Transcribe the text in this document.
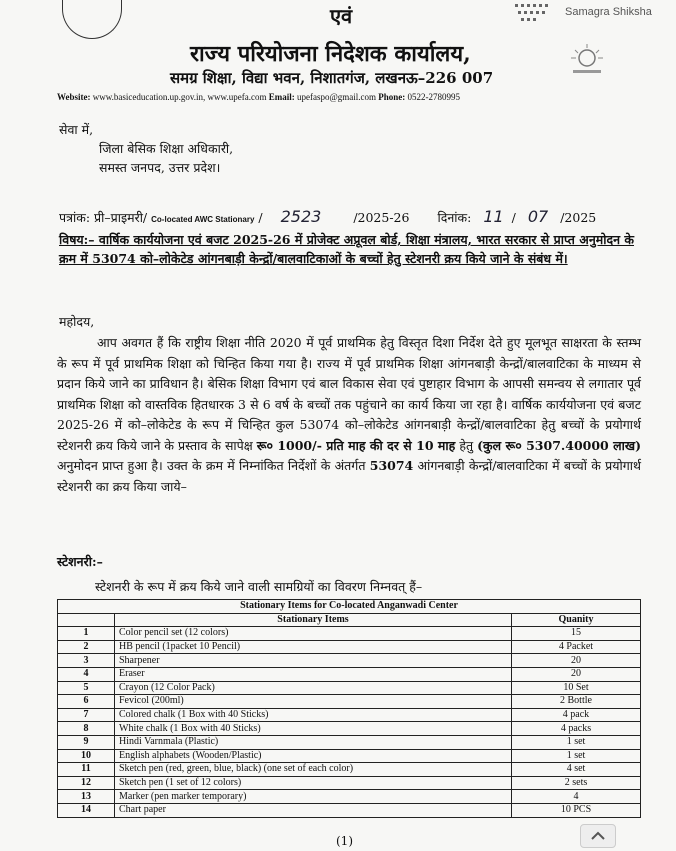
Samagra Shiksha
एवं
राज्य परियोजना निदेशक कार्यालय,
समग्र शिक्षा, विद्या भवन, निशातगंज, लखनऊ–226 007
Website: www.basiceducation.up.gov.in, www.upefa.com Email: upefaspo@gmail.com Phone: 0522-2780995
सेवा में,
जिला बेसिक शिक्षा अधिकारी,
समस्त जनपद, उत्तर प्रदेश।
पत्रांक: प्री–प्राइमरी/ Co-located AWC Stationary / 2523	/2025-26 दिनांक: 11 / 07 /2025
विषय:– वार्षिक कार्ययोजना एवं बजट 2025-26 में प्रोजेक्ट अप्रूवल बोर्ड, शिक्षा मंत्रालय, भारत सरकार से प्राप्त अनुमोदन के क्रम में 53074 को–लोकेटेड आंगनबाड़ी केन्द्रों/बालवाटिकाओं के बच्चों हेतु स्टेशनरी क्रय किये जाने के संबंध में।
महोदय,
आप अवगत हैं कि राष्ट्रीय शिक्षा नीति 2020 में पूर्व प्राथमिक हेतु विस्तृत दिशा निर्देश देते हुए मूलभूत साक्षरता के स्तम्भ के रूप में पूर्व प्राथमिक शिक्षा को चिन्हित किया गया है। राज्य में पूर्व प्राथमिक शिक्षा आंगनबाड़ी केन्द्रों/बालवाटिका के माध्यम से प्रदान किये जाने का प्राविधान है। बेसिक शिक्षा विभाग एवं बाल विकास सेवा एवं पुष्टाहार विभाग के आपसी समन्वय से लगातार पूर्व प्राथमिक शिक्षा को वास्तविक हितधारक 3 से 6 वर्ष के बच्चों तक पहुंचाने का कार्य किया जा रहा है। वार्षिक कार्ययोजना एवं बजट 2025-26 में को–लोकेटेड के रूप में चिन्हित कुल 53074 को–लोकेटेड आंगनबाड़ी केन्द्रों/बालवाटिका हेतु बच्चों के प्रयोगार्थ स्टेशनरी क्रय किये जाने के प्रस्ताव के सापेक्ष रू० 1000/- प्रति माह की दर से 10 माह हेतु (कुल रू० 5307.40000 लाख) अनुमोदन प्राप्त हुआ है। उक्त के क्रम में निम्नांकित निर्देशों के अंतर्गत 53074 आंगनबाड़ी केन्द्रों/बालवाटिका में बच्चों के प्रयोगार्थ स्टेशनरी का क्रय किया जाये–
स्टेशनरी:–
स्टेशनरी के रूप में क्रय किये जाने वाली सामग्रियों का विवरण निम्नवत् हैं–
Stationary Items for Co-located Anganwadi Center		
	Stationary Items	Quanity
1	Color pencil set (12 colors)	15
2	HB pencil (1packet 10 Pencil)	4 Packet
3	Sharpener	20
4	Eraser	20
5	Crayon (12 Color Pack)	10 Set
6	Fevicol (200ml)	2 Bottle
7	Colored chalk (1 Box with 40 Sticks)	4 pack
8	White chalk (1 Box with 40 Sticks)	4 packs
9	Hindi Varnmala (Plastic)	1 set
10	English alphabets (Wooden/Plastic)	1 set
11	Sketch pen (red, green, blue, black) (one set of each color)	4 set
12	Sketch pen (1 set of 12 colors)	2 sets
13	Marker (pen marker temporary)	4
14	Chart paper	10 PCS
(1)
